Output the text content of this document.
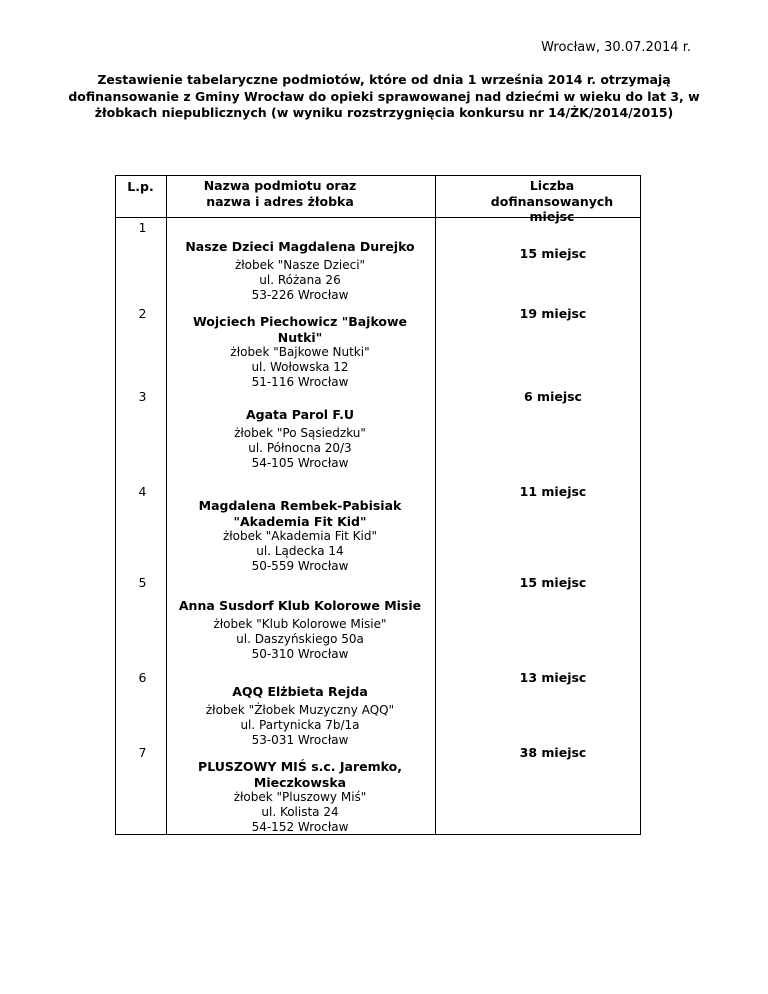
Wrocław, 30.07.2014 r.
Zestawienie tabelaryczne podmiotów, które od dnia 1 września 2014 r. otrzymają dofinansowanie z Gminy Wrocław do opieki sprawowanej nad dziećmi w wieku do lat 3, w żłobkach niepublicznych (w wyniku rozstrzygnięcia konkursu nr 14/ŻK/2014/2015)
L.p.	Nazwa podmiotu oraz nazwa i adres żłobka
Liczba dofinansowanych miejsc
1
Nasze Dzieci Magdalena Durejko
żłobek "Nasze Dzieci"
ul. Różana 26
53-226 Wrocław
15 miejsc
2
Wojciech Piechowicz "Bajkowe Nutki"
żłobek "Bajkowe Nutki"
ul. Wołowska 12
51-116 Wrocław
19 miejsc
3
Agata Parol F.U
żłobek "Po Sąsiedzku"
ul. Północna 20/3
54-105 Wrocław
6 miejsc
4
Magdalena Rembek-Pabisiak "Akademia Fit Kid"
żłobek "Akademia Fit Kid"
ul. Lądecka 14
50-559 Wrocław
11 miejsc
5
Anna Susdorf Klub Kolorowe Misie
żłobek "Klub Kolorowe Misie"
ul. Daszyńskiego 50a
50-310 Wrocław
15 miejsc
6
AQQ Elżbieta Rejda
żłobek "Żłobek Muzyczny AQQ"
ul. Partynicka 7b/1a
53-031 Wrocław
13 miejsc
7
PLUSZOWY MIŚ s.c. Jaremko, Mieczkowska
żłobek "Pluszowy Miś"
ul. Kolista 24
54-152 Wrocław
38 miejsc
